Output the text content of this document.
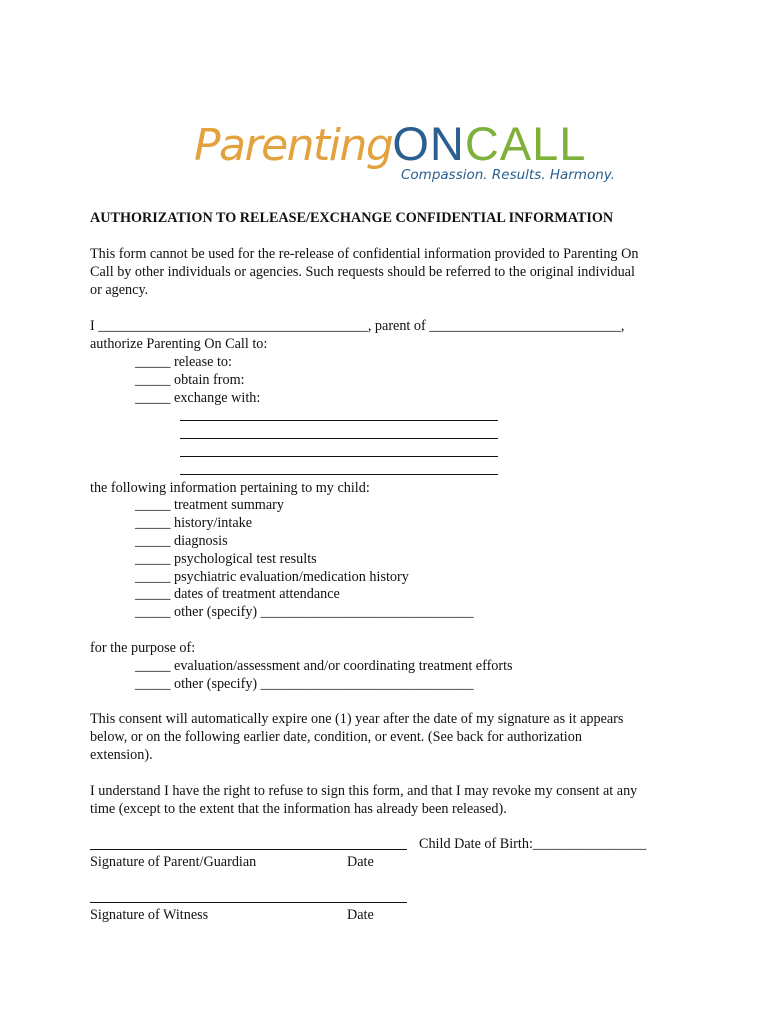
ParentingONCALL
Compassion. Results. Harmony.
AUTHORIZATION TO RELEASE/EXCHANGE CONFIDENTIAL INFORMATION
This form cannot be used for the re-release of confidential information provided to Parenting On
Call by other individuals or agencies. Such requests should be referred to the original individual
or agency.
I ______________________________________, parent of ___________________________,
authorize Parenting On Call to:
_____ release to:
_____ obtain from:
_____ exchange with:
the following information pertaining to my child:
_____ treatment summary
_____ history/intake
_____ diagnosis
_____ psychological test results
_____ psychiatric evaluation/medication history
_____ dates of treatment attendance
_____ other (specify) ______________________________
for the purpose of:
_____ evaluation/assessment and/or coordinating treatment efforts
_____ other (specify) ______________________________
This consent will automatically expire one (1) year after the date of my signature as it appears
below, or on the following earlier date, condition, or event. (See back for authorization
extension).
I understand I have the right to refuse to sign this form, and that I may revoke my consent at any
time (except to the extent that the information has already been released).
Child Date of Birth:________________
Signature of Parent/Guardian	Date
Signature of Witness	Date
